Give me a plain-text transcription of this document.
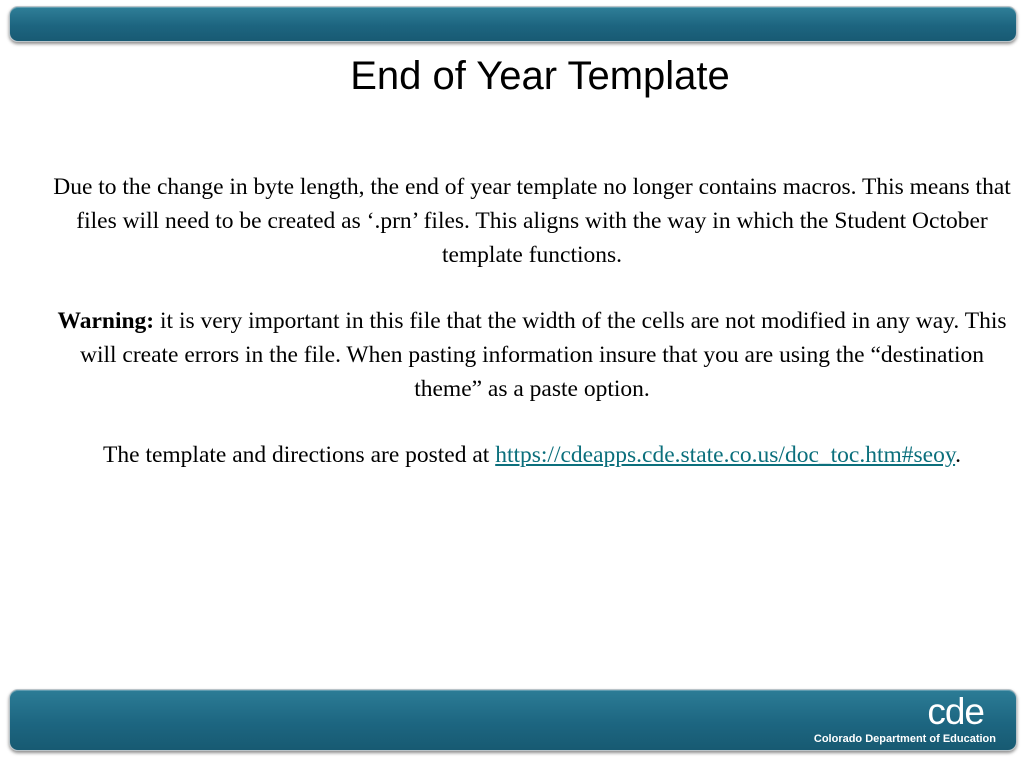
End of Year Template

Due to the change in byte length, the end of year template no longer contains macros. This means that files will need to be created as ‘.prn’ files. This aligns with the way in which the Student October template functions.

Warning: it is very important in this file that the width of the cells are not modified in any way. This will create errors in the file. When pasting information insure that you are using the “destination theme” as a paste option.

The template and directions are posted at https://cdeapps.cde.state.co.us/doc_toc.htm#seoy.

cde
Colorado Department of Education
